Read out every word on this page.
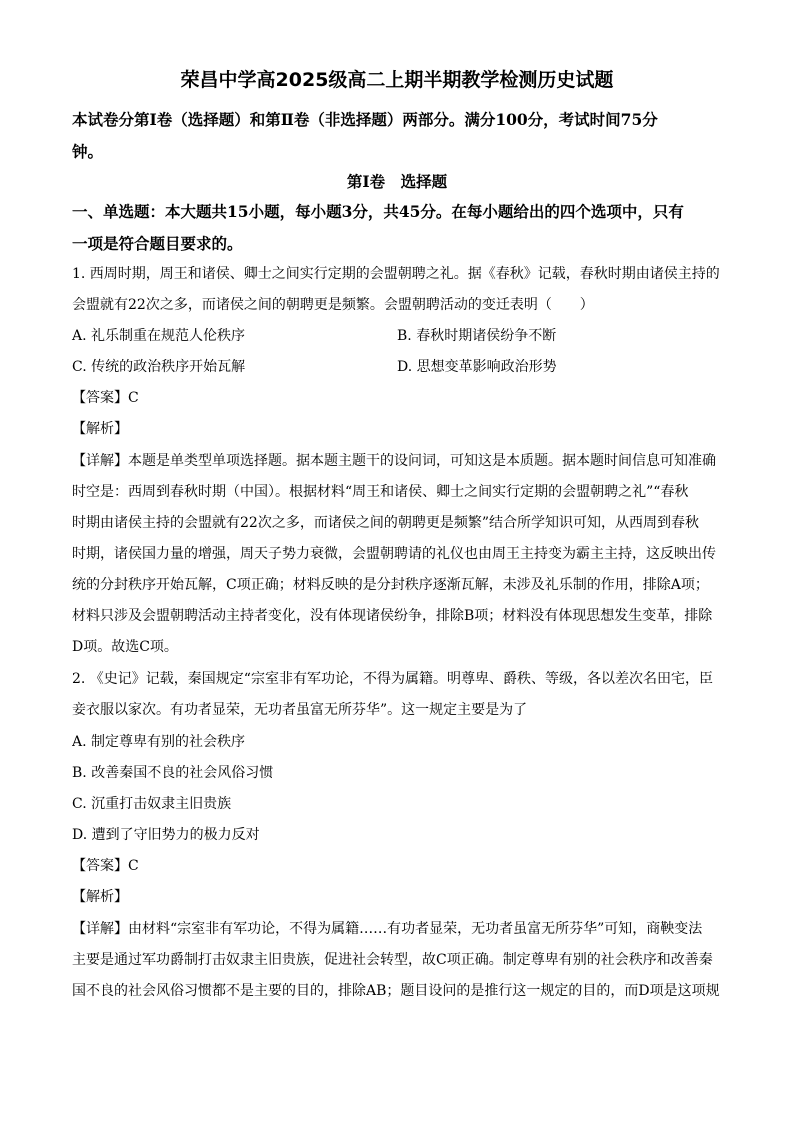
荣昌中学高2025级高二上期半期教学检测历史试题
本试卷分第Ⅰ卷（选择题）和第Ⅱ卷（非选择题）两部分。满分100分，考试时间75分
钟。
第Ⅰ卷　选择题
一、单选题：本大题共15小题，每小题3分，共45分。在每小题给出的四个选项中，只有
一项是符合题目要求的。
1. 西周时期，周王和诸侯、卿士之间实行定期的会盟朝聘之礼。据《春秋》记载，春秋时期由诸侯主持的
会盟就有22次之多，而诸侯之间的朝聘更是频繁。会盟朝聘活动的变迁表明（　　）
A. 礼乐制重在规范人伦秩序	B. 春秋时期诸侯纷争不断
C. 传统的政治秩序开始瓦解	D. 思想变革影响政治形势
【答案】C
【解析】
【详解】本题是单类型单项选择题。据本题主题干的设问词，可知这是本质题。据本题时间信息可知准确
时空是：西周到春秋时期（中国）。根据材料“周王和诸侯、卿士之间实行定期的会盟朝聘之礼”“春秋
时期由诸侯主持的会盟就有22次之多，而诸侯之间的朝聘更是频繁”结合所学知识可知，从西周到春秋
时期，诸侯国力量的增强，周天子势力衰微，会盟朝聘请的礼仪也由周王主持变为霸主主持，这反映出传
统的分封秩序开始瓦解，C项正确；材料反映的是分封秩序逐渐瓦解，未涉及礼乐制的作用，排除A项；
材料只涉及会盟朝聘活动主持者变化，没有体现诸侯纷争，排除B项；材料没有体现思想发生变革，排除
D项。故选C项。
2. 《史记》记载，秦国规定“宗室非有军功论，不得为属籍。明尊卑、爵秩、等级，各以差次名田宅，臣
妾衣服以家次。有功者显荣，无功者虽富无所芬华”。这一规定主要是为了
A. 制定尊卑有别的社会秩序
B. 改善秦国不良的社会风俗习惯
C. 沉重打击奴隶主旧贵族
D. 遭到了守旧势力的极力反对
【答案】C
【解析】
【详解】由材料“宗室非有军功论，不得为属籍……有功者显荣，无功者虽富无所芬华”可知，商鞅变法
主要是通过军功爵制打击奴隶主旧贵族，促进社会转型，故C项正确。制定尊卑有别的社会秩序和改善秦
国不良的社会风俗习惯都不是主要的目的，排除AB；题目设问的是推行这一规定的目的，而D项是这项规
